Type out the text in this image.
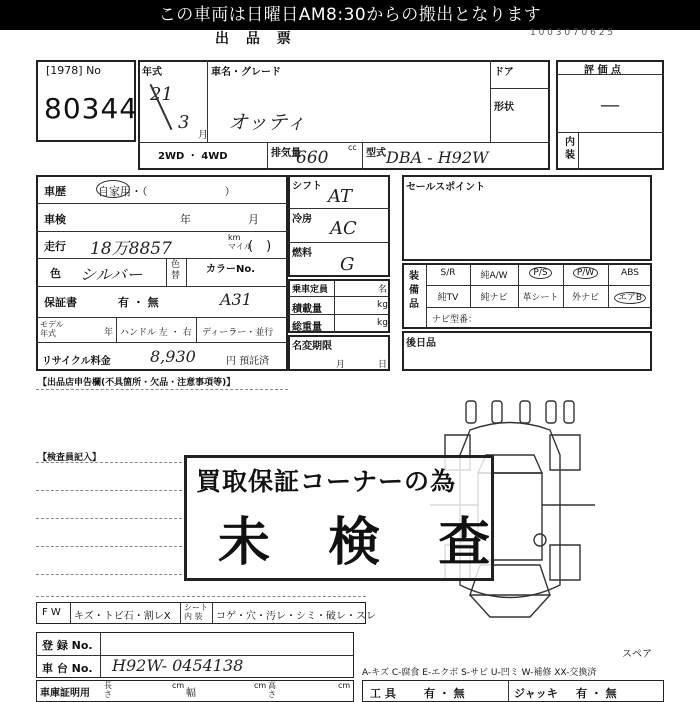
この車両は日曜日AM8:30からの搬出となります
出 品 票	1 0 0 3 0 7 0 6 2 5
[1978] No
80344
年式
21
3
月
車名・グレード
オッティ
ドア
形状
2WD ・ 4WD	排気量
660
cc
型式 DBA - H92W
評 価 点
—
内
装
車歴	自家用・（　　　　　　　）
車検	年	月
走行 18万8857
km
マイル
(　)
色 シルバー	色
替
カラーNo.
A31
保証書	有 ・ 無
モデル
年式	年 ハンドル 左 ・ 右 ディーラー・並行
リサイクル料金 8,930	円 預託済
シフト AT
冷房 AC
燃料
G
乗車定員	名
積載量	kg
総重量	kg
名変期限
月	日
セールスポイント
装
備
品
S/R	純A/W	P/S	P/W	ABS
純TV	純ナビ	革シート	外ナビ	エアB
ナビ型番：
後日品
【出品店申告欄(不具箇所・欠品・注意事項等)】
【検査員記入】
買取保証コーナーの為
未 検 査
F W キズ・トビ石・割レX
シート
内 装	コゲ・穴・汚レ・シミ・破レ・スレ
登 録 No.
車 台 No. H92W- 0454138
車庫証明用
長
さ
cm
幅
cm 高
さ
cm
スペア
A-キズ C-腐食 E-エクボ S-サビ U-凹ミ W-補修 XX-交換済
工 具	有 ・ 無	ジャッキ 有 ・ 無
